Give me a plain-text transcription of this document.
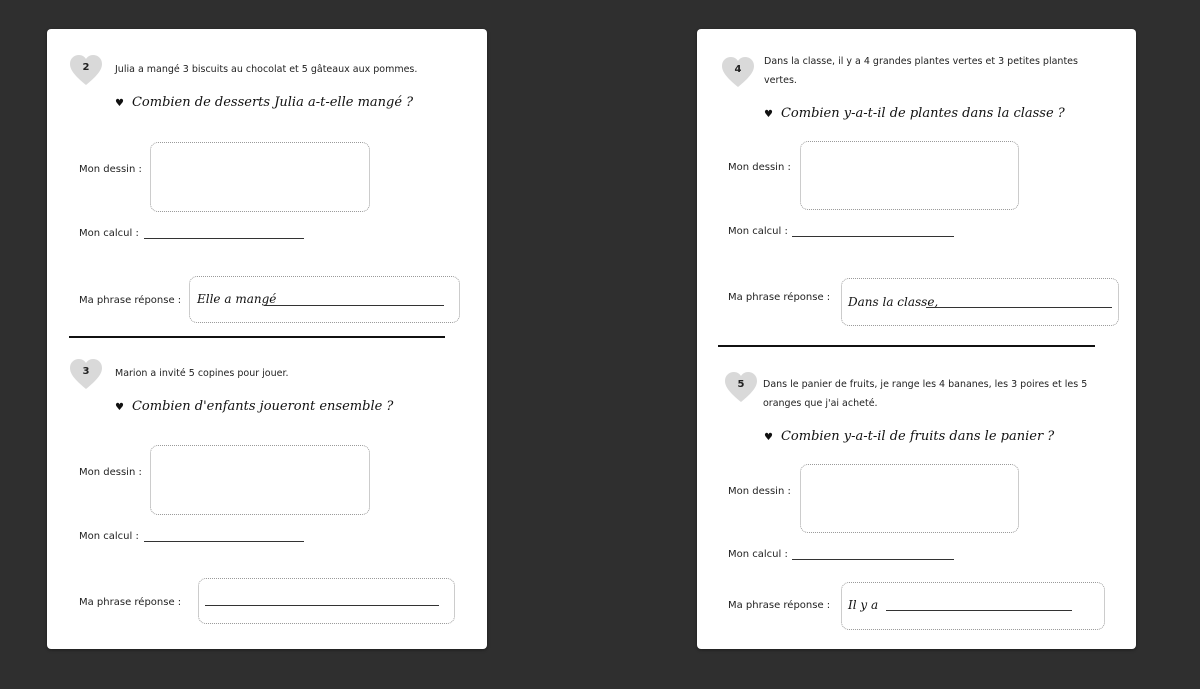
2	Julia a mangé 3 biscuits au chocolat et 5 gâteaux aux pommes.
♥ Combien de desserts Julia a-t-elle mangé ?
Mon dessin :
Mon calcul :
Ma phrase réponse : Elle a mangé
3	Marion a invité 5 copines pour jouer.
♥ Combien d'enfants joueront ensemble ?
Mon dessin :
Mon calcul :
Ma phrase réponse :
4
Dans la classe, il y a 4 grandes plantes vertes et 3 petites plantes
vertes.
♥ Combien y-a-t-il de plantes dans la classe ?
Mon dessin :
Mon calcul :
Ma phrase réponse : Dans la classe,
5	Dans le panier de fruits, je range les 4 bananes, les 3 poires et les 5
oranges que j'ai acheté.
♥ Combien y-a-t-il de fruits dans le panier ?
Mon dessin :
Mon calcul :
Ma phrase réponse : Il y a
